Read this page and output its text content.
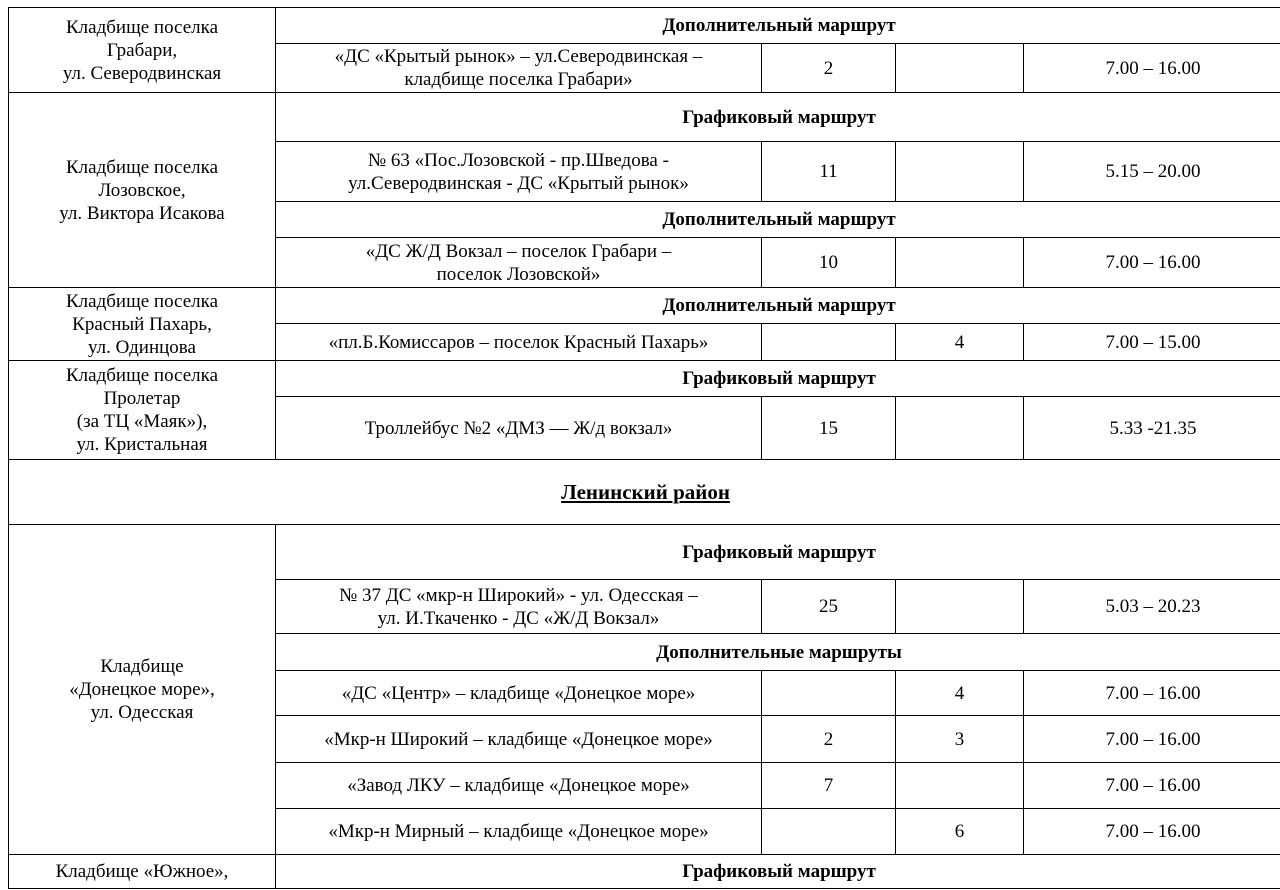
Кладбище поселка
Грабари,
ул. Северодвинская	Дополнительный маршрут			

	«ДС «Крытый рынок» – ул.Северодвинская –
кладбище поселка Грабари»	2		7.00 – 16.00

Кладбище поселка
Лозовское,
ул. Виктора Исакова	Графиковый маршрут			

	№ 63 «Пос.Лозовской - пр.Шведова -
ул.Северодвинская - ДС «Крытый рынок»	11		5.15 – 20.00
	Дополнительный маршрут			

	«ДС Ж/Д Вокзал – поселок Грабари –
поселок Лозовской»	10		7.00 – 16.00

Кладбище поселка
Красный Пахарь,
ул. Одинцова	Дополнительный маршрут			

	«пл.Б.Комиссаров – поселок Красный Пахарь»		4	7.00 – 15.00

Кладбище поселка
Пролетар
(за ТЦ «Маяк»),
ул. Кристальная	Графиковый маршрут			

	Троллейбус №2 «ДМЗ — Ж/д вокзал»	15		5.33 -21.35
Ленинский район				

Кладбище
«Донецкое море»,
ул. Одесская	Графиковый маршрут			

	№ 37 ДС «мкр-н Широкий» - ул. Одесская –
ул. И.Ткаченко - ДС «Ж/Д Вокзал»	25		5.03 – 20.23
	Дополнительные маршруты			

	«ДС «Центр» – кладбище «Донецкое море»		4	7.00 – 16.00

	«Мкр-н Широкий – кладбище «Донецкое море»	2	3	7.00 – 16.00

	«Завод ЛКУ – кладбище «Донецкое море»	7		7.00 – 16.00

	«Мкр-н Мирный – кладбище «Донецкое море»		6	7.00 – 16.00

Кладбище «Южное»,	Графиковый маршрут			
